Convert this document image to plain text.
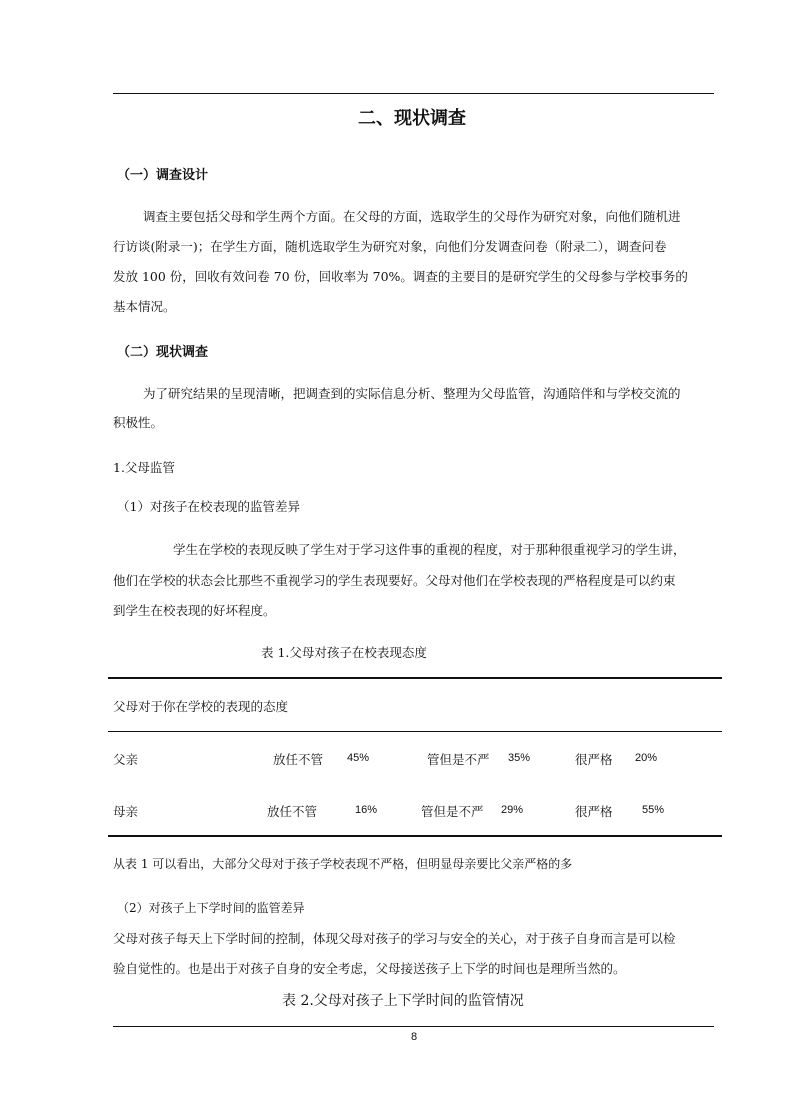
二、现状调查
（一）调查设计
调查主要包括父母和学生两个方面。在父母的方面，选取学生的父母作为研究对象，向他们随机进
行访谈(附录一)；在学生方面，随机选取学生为研究对象，向他们分发调查问卷（附录二），调查问卷
发放 100 份，回收有效问卷 70 份，回收率为 70%。调查的主要目的是研究学生的父母参与学校事务的
基本情况。
（二）现状调查
为了研究结果的呈现清晰，把调查到的实际信息分析、整理为父母监管，沟通陪伴和与学校交流的
积极性。
1.父母监管
（1）对孩子在校表现的监管差异
学生在学校的表现反映了学生对于学习这件事的重视的程度，对于那种很重视学习的学生讲，
他们在学校的状态会比那些不重视学习的学生表现要好。父母对他们在学校表现的严格程度是可以约束
到学生在校表现的好坏程度。
表 1.父母对孩子在校表现态度
父母对于你在学校的表现的态度
父亲	放任不管 45%	管但是不严 35%	很严格 20%
母亲	放任不管	16%	管但是不严 29%	很严格	55%
从表 1 可以看出，大部分父母对于孩子学校表现不严格，但明显母亲要比父亲严格的多
（2）对孩子上下学时间的监管差异
父母对孩子每天上下学时间的控制，体现父母对孩子的学习与安全的关心，对于孩子自身而言是可以检
验自觉性的。也是出于对孩子自身的安全考虑，父母接送孩子上下学的时间也是理所当然的。
表 2.父母对孩子上下学时间的监管情况
8
